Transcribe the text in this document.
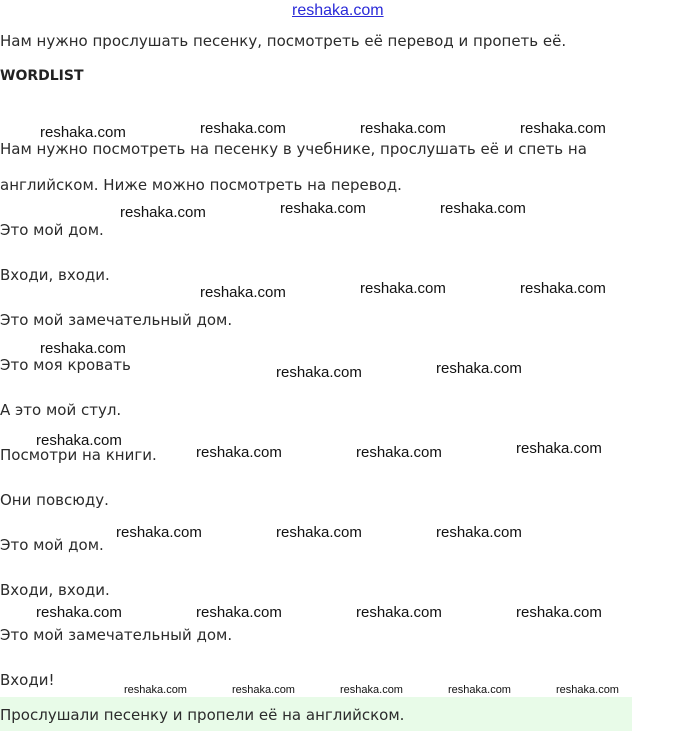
reshaka.com
Нам нужно прослушать песенку, посмотреть её перевод и пропеть её.
WORDLIST
Нам нужно посмотреть на песенку в учебнике, прослушать её и спеть на
английском. Ниже можно посмотреть на перевод.
Это мой дом.
Входи, входи.
Это мой замечательный дом.
Это моя кровать
А это мой стул.
Посмотри на книги.
Они повсюду.
Это мой дом.
Входи, входи.
Это мой замечательный дом.
Входи!
Прослушали песенку и пропели её на английском.
reshaka.com	reshaka.com	reshaka.com	reshaka.com
reshaka.com	reshaka.com	reshaka.com
reshaka.com	reshaka.com	reshaka.com
reshaka.com
reshaka.com	reshaka.com
reshaka.com
reshaka.com	reshaka.com	reshaka.com
reshaka.com	reshaka.com	reshaka.com
reshaka.com	reshaka.com	reshaka.com	reshaka.com
reshaka.com	reshaka.com	reshaka.com	reshaka.com	reshaka.com
